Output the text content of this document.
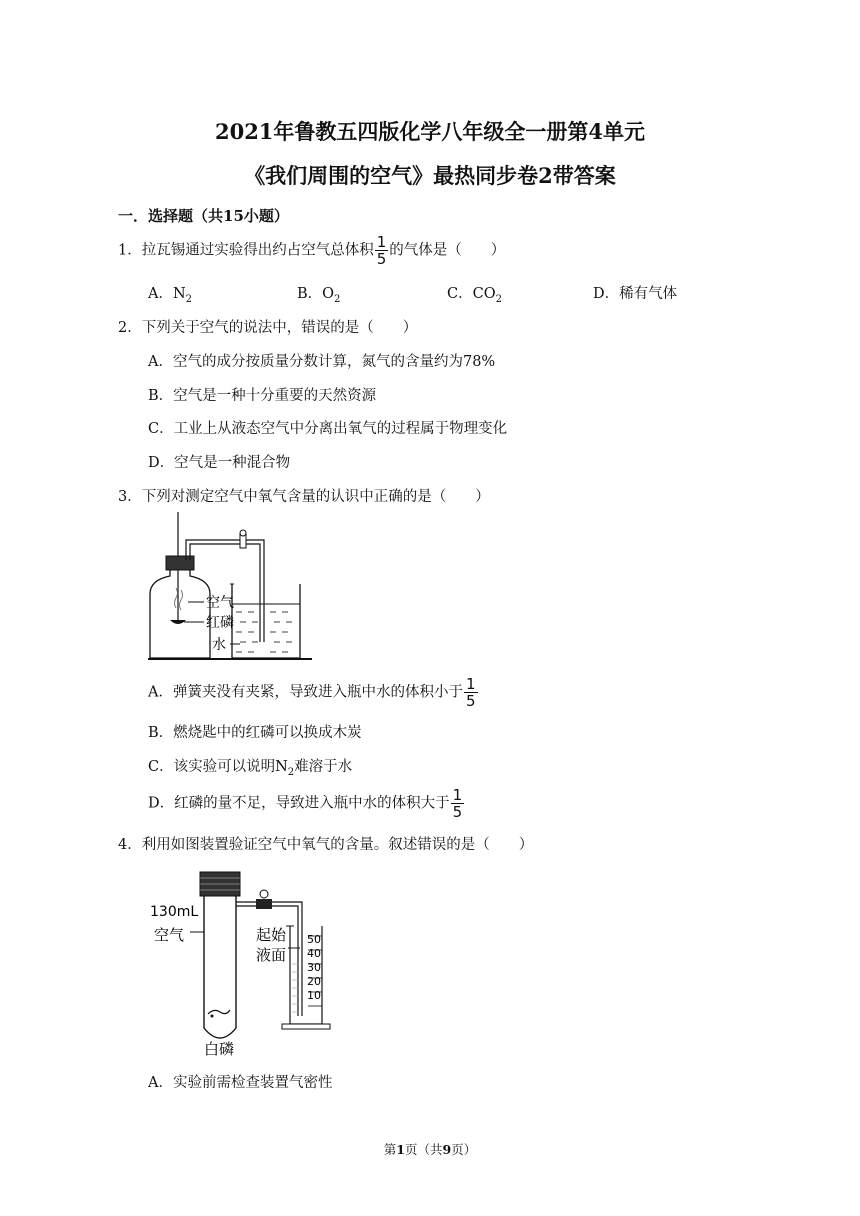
2021年鲁教五四版化学八年级全一册第4单元
《我们周围的空气》最热同步卷2带答案
一．选择题（共15小题）
1．拉瓦锡通过实验得出约占空气总体积 $\frac{1}{5}$ 的气体是（　　）
A．$N_2$	B．$O_2$	C．$CO_2$	D．稀有气体
2．下列关于空气的说法中，错误的是（　　）
A．空气的成分按质量分数计算，氮气的含量约为78%
B．空气是一种十分重要的天然资源
C．工业上从液态空气中分离出氧气的过程属于物理变化
D．空气是一种混合物
3．下列对测定空气中氧气含量的认识中正确的是（　　）
空气
红磷
水
A．弹簧夹没有夹紧，导致进入瓶中水的体积小于 $\frac{1}{5}$
B．燃烧匙中的红磷可以换成木炭
C．该实验可以说明$N_2$难溶于水
D．红磷的量不足，导致进入瓶中水的体积大于 $\frac{1}{5}$
4．利用如图装置验证空气中氧气的含量。叙述错误的是（　　）
50
40
30
20
10
130mL
空气	起始
液面
白磷
A．实验前需检查装置气密性
第1页（共9页）
